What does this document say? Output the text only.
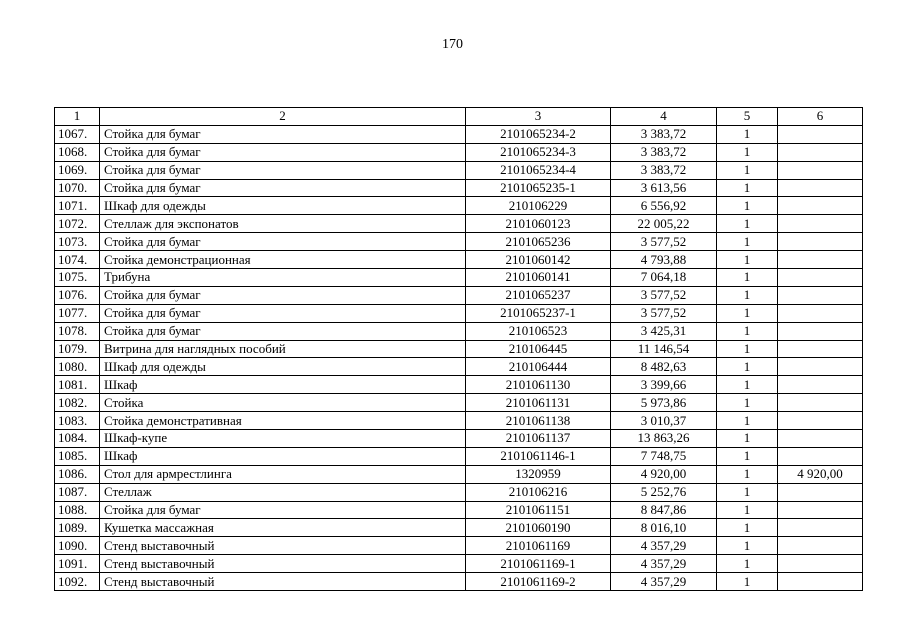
170
1	2	3	4	5	6
1067.	Стойка для бумаг	2101065234-2	3 383,72	1	
1068.	Стойка для бумаг	2101065234-3	3 383,72	1	
1069.	Стойка для бумаг	2101065234-4	3 383,72	1	
1070.	Стойка для бумаг	2101065235-1	3 613,56	1	
1071.	Шкаф для одежды	210106229	6 556,92	1	
1072.	Стеллаж для экспонатов	2101060123	22 005,22	1	
1073.	Стойка для бумаг	2101065236	3 577,52	1	
1074.	Стойка демонстрационная	2101060142	4 793,88	1	
1075.	Трибуна	2101060141	7 064,18	1	
1076.	Стойка для бумаг	2101065237	3 577,52	1	
1077.	Стойка для бумаг	2101065237-1	3 577,52	1	
1078.	Стойка для бумаг	210106523	3 425,31	1	
1079.	Витрина для наглядных пособий	210106445	11 146,54	1	
1080.	Шкаф для одежды	210106444	8 482,63	1	
1081.	Шкаф	2101061130	3 399,66	1	
1082.	Стойка	2101061131	5 973,86	1	
1083.	Стойка демонстративная	2101061138	3 010,37	1	
1084.	Шкаф-купе	2101061137	13 863,26	1	
1085.	Шкаф	2101061146-1	7 748,75	1	
1086.	Стол для армрестлинга	1320959	4 920,00	1	4 920,00
1087.	Стеллаж	210106216	5 252,76	1	
1088.	Стойка для бумаг	2101061151	8 847,86	1	
1089.	Кушетка массажная	2101060190	8 016,10	1	
1090.	Стенд выставочный	2101061169	4 357,29	1	
1091.	Стенд выставочный	2101061169-1	4 357,29	1	
1092.	Стенд выставочный	2101061169-2	4 357,29	1	
